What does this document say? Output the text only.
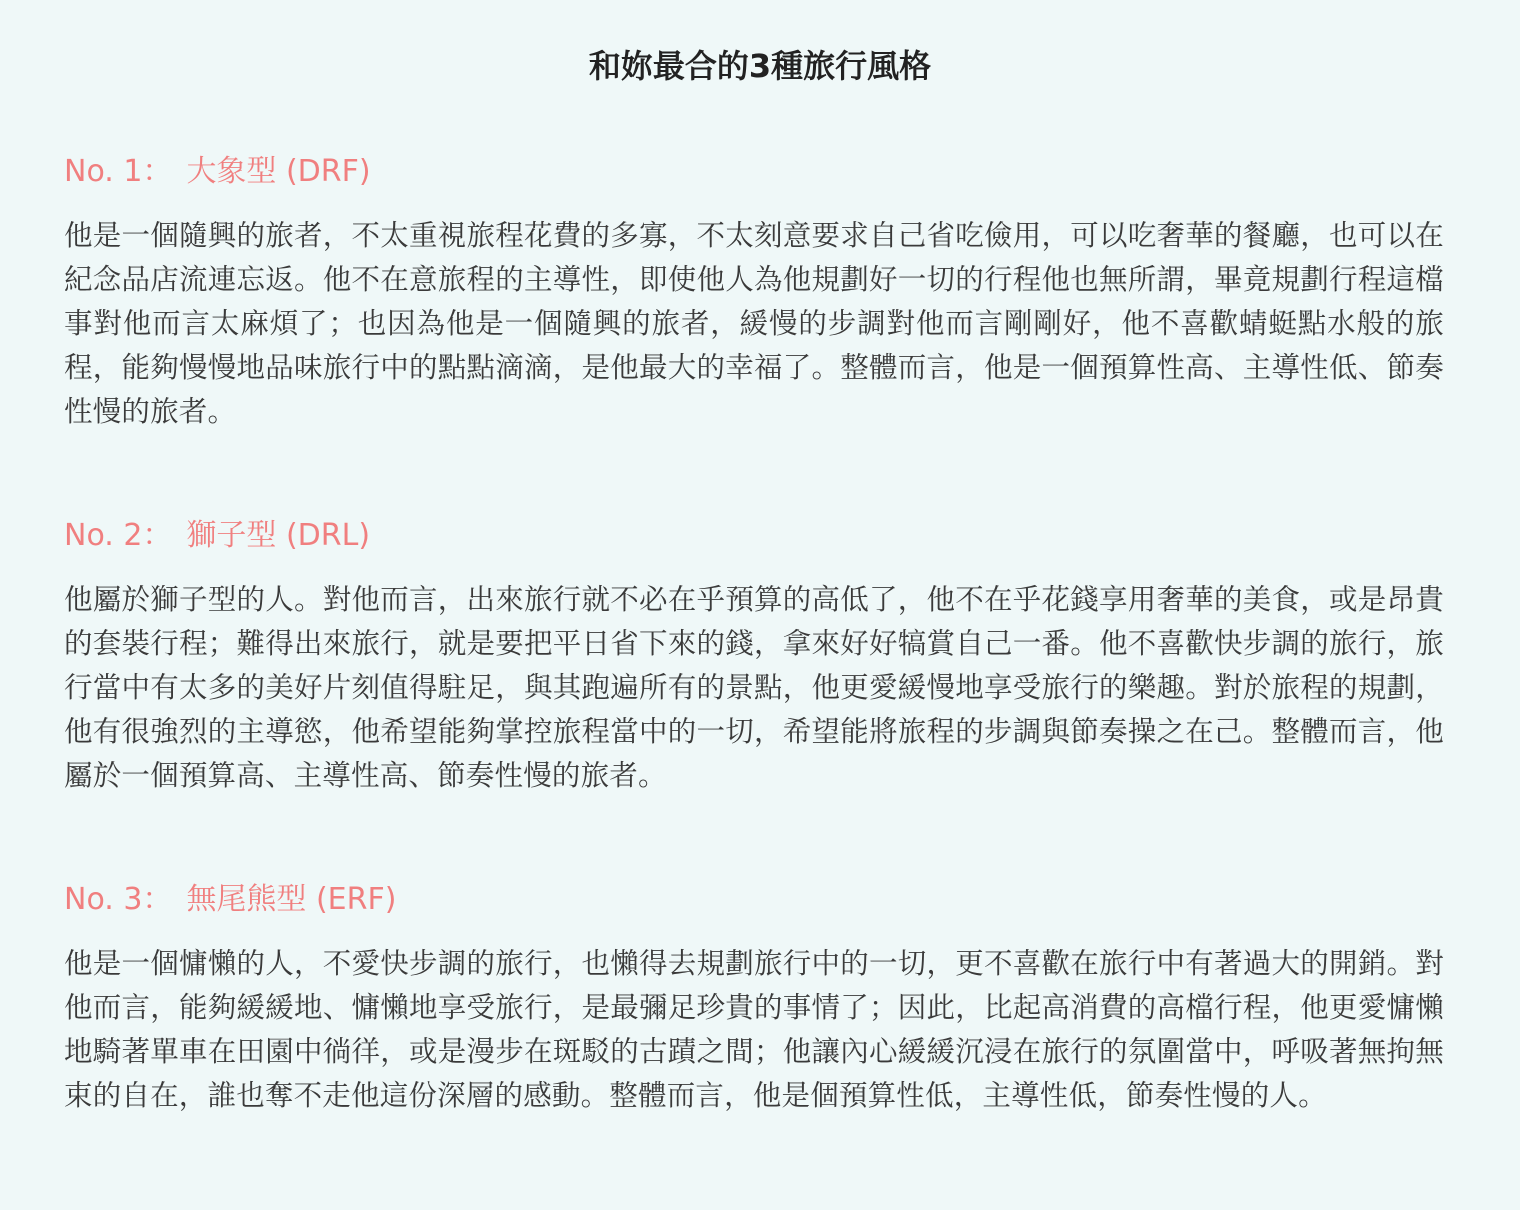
和妳最合的3種旅行風格
No. 1： 大象型 (DRF)

他是一個隨興的旅者，不太重視旅程花費的多寡，不太刻意要求自己省吃儉用，可以吃奢華的餐廳，也可以在紀念品店流連忘返。他不在意旅程的主導性，即使他人為他規劃好一切的行程他也無所謂，畢竟規劃行程這檔事對他而言太麻煩了；也因為他是一個隨興的旅者，緩慢的步調對他而言剛剛好，他不喜歡蜻蜓點水般的旅程，能夠慢慢地品味旅行中的點點滴滴，是他最大的幸福了。整體而言，他是一個預算性高、主導性低、節奏性慢的旅者。

No. 2： 獅子型 (DRL)

他屬於獅子型的人。對他而言，出來旅行就不必在乎預算的高低了，他不在乎花錢享用奢華的美食，或是昂貴的套裝行程；難得出來旅行，就是要把平日省下來的錢，拿來好好犒賞自己一番。他不喜歡快步調的旅行，旅行當中有太多的美好片刻值得駐足，與其跑遍所有的景點，他更愛緩慢地享受旅行的樂趣。對於旅程的規劃，他有很強烈的主導慾，他希望能夠掌控旅程當中的一切，希望能將旅程的步調與節奏操之在己。整體而言，他屬於一個預算高、主導性高、節奏性慢的旅者。

No. 3： 無尾熊型 (ERF)

他是一個慵懶的人，不愛快步調的旅行，也懶得去規劃旅行中的一切，更不喜歡在旅行中有著過大的開銷。對他而言，能夠緩緩地、慵懶地享受旅行，是最彌足珍貴的事情了；因此，比起高消費的高檔行程，他更愛慵懶地騎著單車在田園中徜徉，或是漫步在斑駁的古蹟之間；他讓內心緩緩沉浸在旅行的氛圍當中，呼吸著無拘無束的自在，誰也奪不走他這份深層的感動。整體而言，他是個預算性低，主導性低，節奏性慢的人。
